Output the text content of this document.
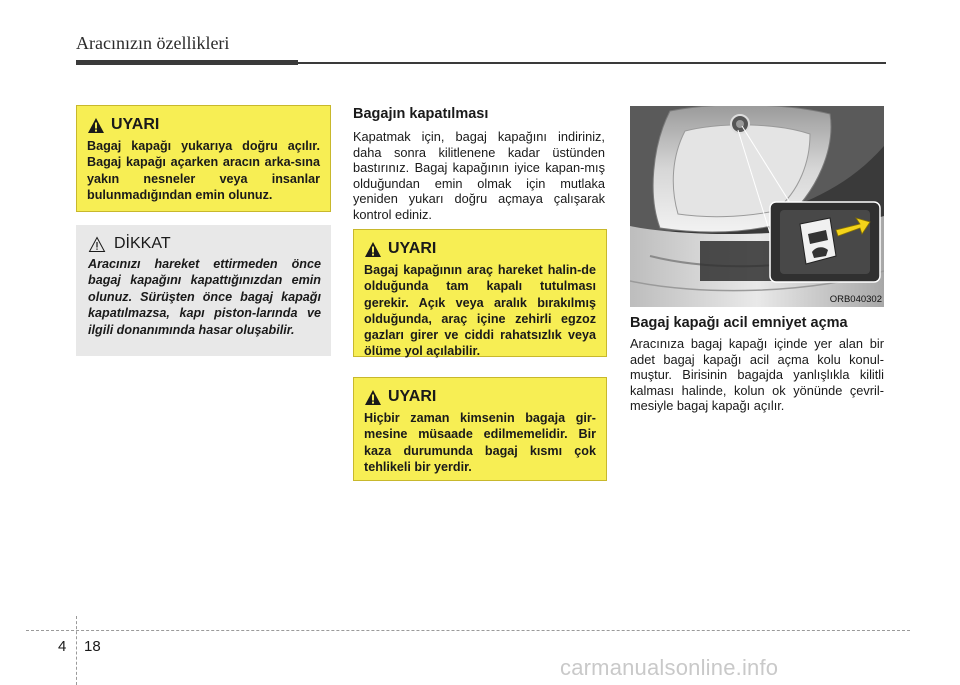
Aracınızın özellikleri
UYARI
Bagaj kapağı yukarıya doğru açılır. Bagaj kapağı açarken aracın arka-sına yakın nesneler veya insanlar bulunmadığından emin olunuz.
DİKKAT
Aracınızı hareket ettirmeden önce bagaj kapağını kapattığınızdan emin olunuz. Sürüşten önce bagaj kapağı kapatılmazsa, kapı piston-larında ve ilgili donanımında hasar oluşabilir.
Bagajın kapatılması

Kapatmak için, bagaj kapağını indiriniz, daha sonra kilitlenene kadar üstünden bastırınız. Bagaj kapağının iyice kapan-mış olduğundan emin olmak için mutlaka yeniden yukarı doğru açmaya çalışarak kontrol ediniz.

UYARI
Bagaj kapağının araç hareket halin-de olduğunda tam kapalı tutulması gerekir. Açık veya aralık bırakılmış olduğunda, araç içine zehirli egzoz gazları girer ve ciddi rahatsızlık veya ölüme yol açılabilir.
UYARI
Hiçbir zaman kimsenin bagaja gir-mesine müsaade edilmemelidir. Bir kaza durumunda bagaj kısmı çok tehlikeli bir yerdir.
ORB040302
Bagaj kapağı acil emniyet açma

Aracınıza bagaj kapağı içinde yer alan bir adet bagaj kapağı acil açma kolu konul-muştur. Birisinin bagajda yanlışlıkla kilitli kalması halinde, kolun ok yönünde çevril-mesiyle bagaj kapağı açılır.

4 18
carmanualsonline.info
